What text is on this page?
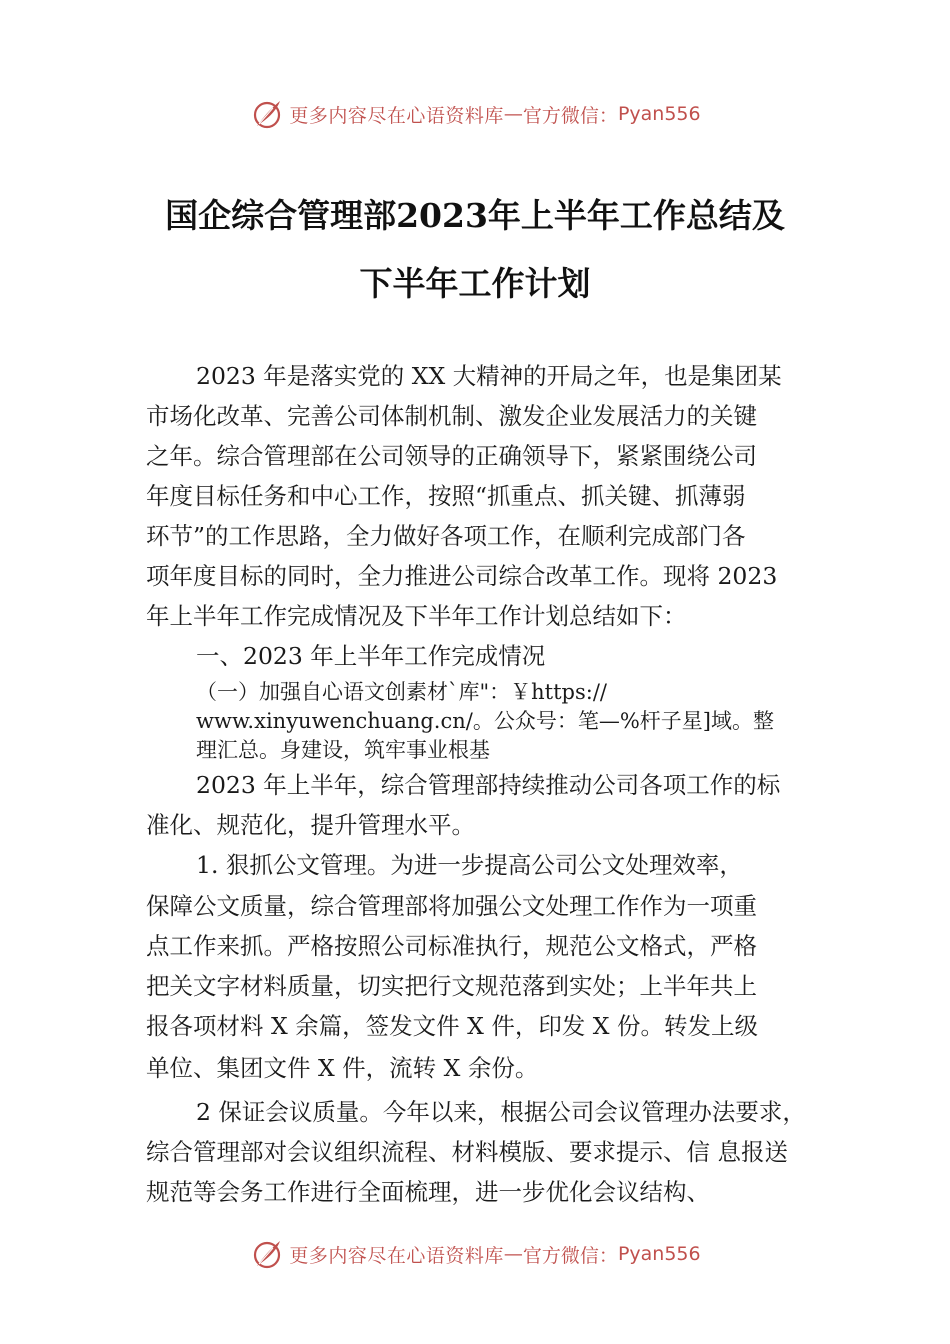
更多内容尽在心语资料库 — 官方微信： Pyan556
国企综合管理部2023年上半年工作总结及
下半年工作计划
2023 年是落实党的 XX 大精神的开局之年，也是集团某
市场化改革、完善公司体制机制、激发企业发展活力的关键
之年。综合管理部在公司领导的正确领导下，紧紧围绕公司
年度目标任务和中心工作，按照“抓重点、抓关键、抓薄弱
环节”的工作思路，全力做好各项工作，在顺利完成部门各
项年度目标的同时，全力推进公司综合改革工作。现将 2023
年上半年工作完成情况及下半年工作计划总结如下：
一、2023 年上半年工作完成情况
（一）加强自心语文创素材`库"：￥https://
www.xinyuwenchuang.cn/。公众号：笔—%杆子星]域。整
理汇总。身建设，筑牢事业根基
2023 年上半年，综合管理部持续推动公司各项工作的标
准化、规范化，提升管理水平。
1. 狠抓公文管理。为进一步提高公司公文处理效率，
保障公文质量，综合管理部将加强公文处理工作作为一项重
点工作来抓。严格按照公司标准执行，规范公文格式，严格
把关文字材料质量，切实把行文规范落到实处；上半年共上
报各项材料 X 余篇，签发文件 X 件，印发 X 份。转发上级
单位、集团文件 X 件，流转 X 余份。
2 保证会议质量。今年以来，根据公司会议管理办法要求，
综合管理部对会议组织流程、材料模版、要求提示、信 息报送
规范等会务工作进行全面梳理，进一步优化会议结构、
更多内容尽在心语资料库 — 官方微信： Pyan556
